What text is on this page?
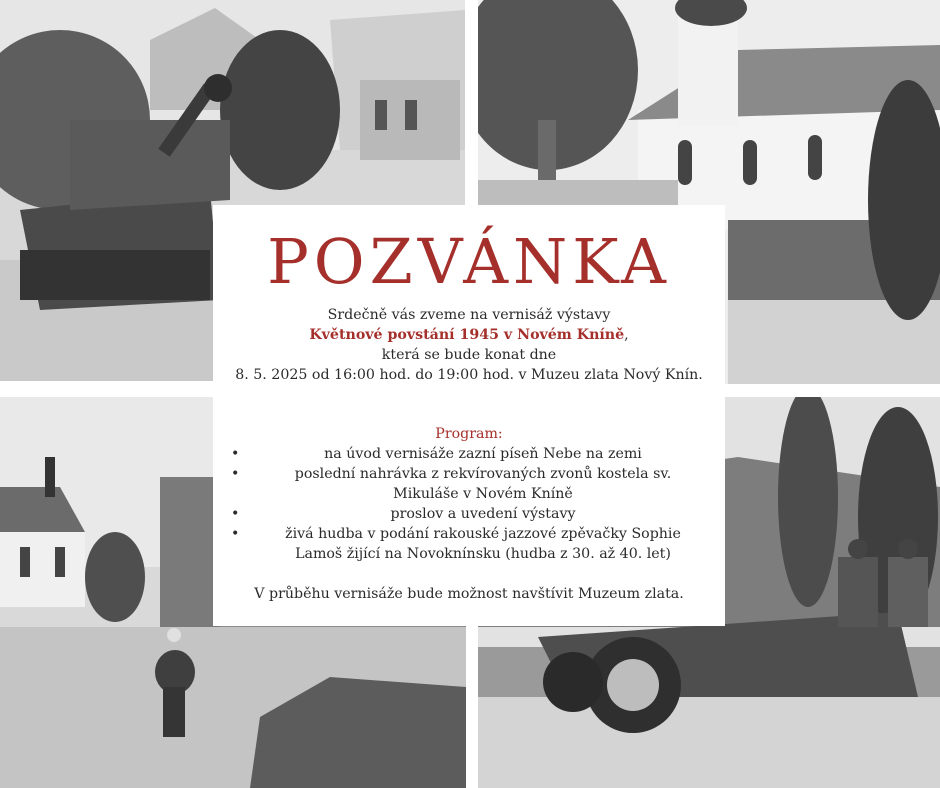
POZVÁNKA
Srdečně vás zveme na vernisáž výstavy
Květnové povstání 1945 v Novém Kníně,
která se bude konat dne
8. 5. 2025 od 16:00 hod. do 19:00 hod. v Muzeu zlata Nový Knín.
Program:
•	na úvod vernisáže zazní píseň Nebe na zemi
•	poslední nahrávka z rekvírovaných zvonů kostela sv. Mikuláše v Novém Kníně
•	proslov a uvedení výstavy
•	živá hudba v podání rakouské jazzové zpěvačky Sophie Lamoš žijící na Novoknínsku (hudba z 30. až 40. let)
V průběhu vernisáže bude možnost navštívit Muzeum zlata.
